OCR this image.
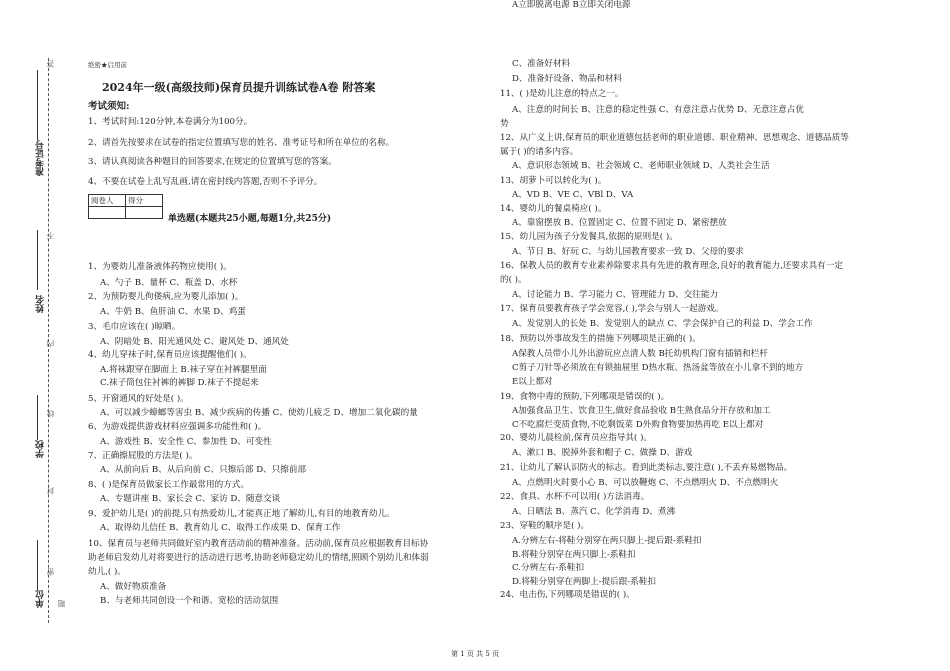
准考证号
姓名
学校
单位
答
不
内
线
封
密
题
绝密★启用前
2024年一级(高级技师)保育员提升训练试卷A卷 附答案
考试须知:
1、考试时间:120分钟,本卷满分为100分。
2、请首先按要求在试卷的指定位置填写您的姓名、准考证号和所在单位的名称。
3、请认真阅读各种题目的回答要求,在规定的位置填写您的答案。
4、不要在试卷上乱写乱画,请在密封线内答题,否则不予评分。
阅卷人	得分

单选题(本题共25小题,每题1分,共25分)
1、为婴幼儿准备液体药物应使用( )。
A、勺子 B、量杯 C、瓶盖 D、水杯
2、为预防婴儿佝偻病,应为婴儿添加( )。
A、牛奶 B、鱼肝油 C、水果 D、鸡蛋
3、毛巾应该在( )晾晒。
A、阴暗处 B、阳光通风处 C、避风处 D、通风处
4、幼儿穿袜子时,保育员应该提醒他们( )。
A.将袜跟穿在脚面上 B.袜子穿在衬裤腿里面
C.袜子筒包住衬裤的裤脚 D.袜子不提起来
5、开窗通风的好处是( )。
A、可以减少蟑螂等害虫 B、减少疾病的传播 C、使幼儿疲乏 D、增加二氧化碳的量
6、为游戏提供游戏材料应强调多功能性和( )。
A、游戏性 B、安全性 C、参加性 D、可变性
7、正确擦屁股的方法是( )。
A、从前向后 B、从后向前 C、只擦后部 D、只擦前部
8、( )是保育员做家长工作最常用的方式。
A、专题讲座 B、家长会 C、家访 D、随意交谈
9、爱护幼儿是( )的前提,只有热爱幼儿,才能真正地了解幼儿,有目的地教育幼儿。
A、取得幼儿信任 B、教育幼儿 C、取得工作成果 D、保育工作
10、保育员与老师共同做好室内教育活动前的精神准备。活动前,保育员应根据教育目标协
助老师启发幼儿对将要进行的活动进行思考,协助老师稳定幼儿的情绪,照顾个别幼儿和体弱
幼儿,( )。
A、做好物质准备
B、与老师共同创设一个和谐、宽松的活动氛围
C、准备好材料
D、准备好设备、物品和材料
11、( )是幼儿注意的特点之一。
A、注意的时间长 B、注意的稳定性强 C、有意注意占优势 D、无意注意占优
势
12、从广义上讲,保育员的职业道德包括老师的职业道德、职业精神、思想观念、道德品质等
属于( )的诸多内容。
A、意识形态领域 B、社会领域 C、老师职业领域 D、人类社会生活
13、胡萝卜可以转化为( )。
A、VD B、VE C、VBl D、VA
14、婴幼儿的餐桌椅应( )。
A、靠窗摆放 B、位置固定 C、位置不固定 D、紧密摆放
15、幼儿园为孩子分发餐具,依据的原则是( )。
A、节日 B、好玩 C、与幼儿园教育要求一致 D、父母的要求
16、保教人员的教育专业素养除要求具有先进的教育理念,良好的教育能力,还要求具有一定
的( )。
A、讨论能力 B、学习能力 C、管理能力 D、交往能力
17、保育员要教育孩子学会宽容,( ),学会与别人一起游戏。
A、发觉别人的长处 B、发觉别人的缺点 C、学会保护自己的利益 D、学会工作
18、预防以外事故发生的措施下列哪项是正确的( )。
A保教人员带小儿外出游玩应点清人数 B托幼机构门窗有插销和栏杆
C剪子刀针等必须放在有锁抽屉里 D热水瓶、热汤盆等放在小儿拿不到的地方
E以上都对
19、食物中毒的预防,下列哪项是错误的( )。
A加强食品卫生、饮食卫生,做好食品验收 B生熟食品分开存放和加工
C不吃腐烂变质食物,不吃剩饭菜 D外购食物要加热再吃 E以上都对
20、婴幼儿晨检前,保育员应指导其( )。
A、漱口 B、脱掉外套和帽子 C、做操 D、游戏
21、让幼儿了解认识防火的标志。看到此类标志,要注意( ),不丢弃易燃物品。
A、点燃明火时要小心 B、可以放鞭炮 C、不点燃明火 D、不点燃明火
22、食具、水杯不可以用( )方法消毒。
A、日晒法 B、蒸汽 C、化学消毒 D、煮沸
23、穿鞋的顺序是( )。
A.分辨左右-将鞋分别穿在两只脚上-提后跟-系鞋扣
B.将鞋分别穿在两只脚上-系鞋扣
C.分辨左右-系鞋扣
D.将鞋分别穿在两脚上-提后跟-系鞋扣
24、电击伤,下列哪项是错误的( )。
A立即脱离电源 B立即关闭电源
第 1 页 共 5 页
